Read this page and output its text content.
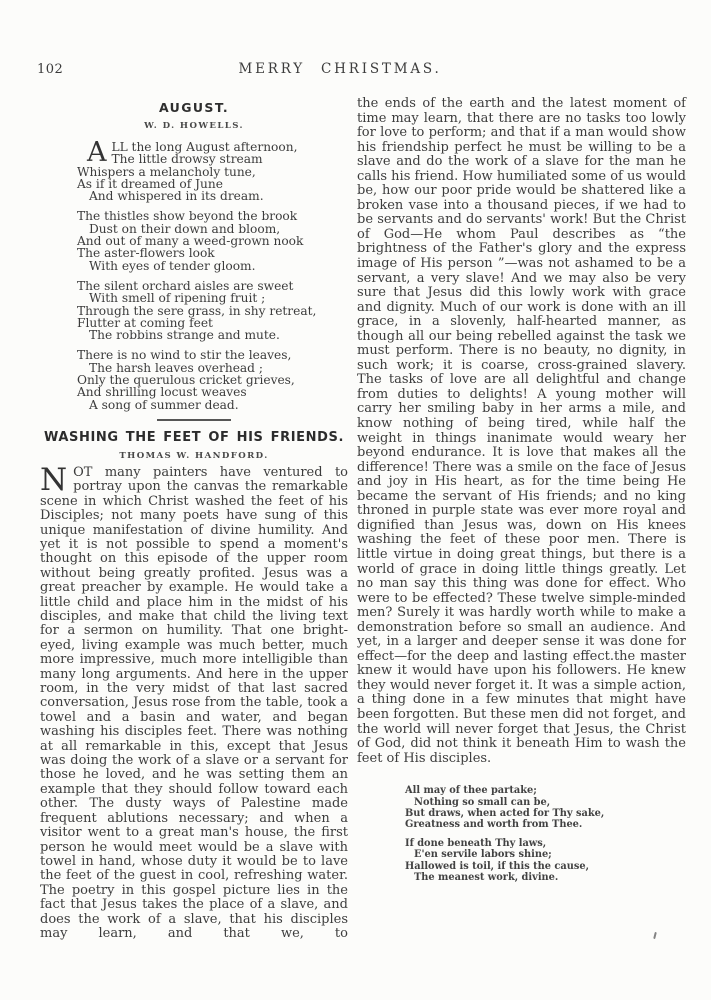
102	MERRY CHRISTMAS.
AUGUST.
W. D. HOWELLS.
A LL the long August afternoon,
The little drowsy stream
Whispers a melancholy tune,
As if it dreamed of June
And whispered in its dream.
The thistles show beyond the brook
Dust on their down and bloom,
And out of many a weed-grown nook
The aster-flowers look
With eyes of tender gloom.
The silent orchard aisles are sweet
With smell of ripening fruit ;
Through the sere grass, in shy retreat,
Flutter at coming feet
The robbins strange and mute.
There is no wind to stir the leaves,
The harsh leaves overhead ;
Only the querulous cricket grieves,
And shrilling locust weaves
A song of summer dead.
WASHING THE FEET OF HIS FRIENDS.
THOMAS W. HANDFORD.

NOT many painters have ventured to portray upon the canvas the remarkable scene in which Christ washed the feet of his Disciples; not many poets have sung of this unique manifestation of divine humility. And yet it is not possible to spend a moment's thought on this episode of the upper room without being greatly profited. Jesus was a great preacher by example. He would take a little child and place him in the midst of his disciples, and make that child the living text for a sermon on humility. That one bright-eyed, living example was much better, much more impressive, much more intelligible than many long arguments. And here in the upper room, in the very midst of that last sacred conversation, Jesus rose from the table, took a towel and a basin and water, and began washing his disciples feet. There was nothing at all remarkable in this, except that Jesus was doing the work of a slave or a servant for those he loved, and he was setting them an example that they should follow toward each other. The dusty ways of Palestine made frequent ablutions necessary; and when a visitor went to a great man's house, the first person he would meet would be a slave with towel in hand, whose duty it would be to lave the feet of the guest in cool, refreshing water. The poetry in this gospel picture lies in the fact that Jesus takes the place of a slave, and does the work of a slave, that his disciples may learn, and that we, to

the ends of the earth and the latest moment of time may learn, that there are no tasks too lowly for love to perform; and that if a man would show his friendship perfect he must be willing to be a slave and do the work of a slave for the man he calls his friend. How humiliated some of us would be, how our poor pride would be shattered like a broken vase into a thousand pieces, if we had to be servants and do servants' work! But the Christ of God—He whom Paul describes as “the brightness of the Father's glory and the express image of His person ”—was not ashamed to be a servant, a very slave! And we may also be very sure that Jesus did this lowly work with grace and dignity. Much of our work is done with an ill grace, in a slovenly, half-hearted manner, as though all our being rebelled against the task we must perform. There is no beauty, no dignity, in such work; it is coarse, cross-grained slavery. The tasks of love are all delightful and change from duties to delights! A young mother will carry her smiling baby in her arms a mile, and know nothing of being tired, while half the weight in things inanimate would weary her beyond endurance. It is love that makes all the difference! There was a smile on the face of Jesus and joy in His heart, as for the time being He became the servant of His friends; and no king throned in purple state was ever more royal and dignified than Jesus was, down on His knees washing the feet of these poor men. There is little virtue in doing great things, but there is a world of grace in doing little things greatly. Let no man say this thing was done for effect. Who were to be effected? These twelve simple-minded men? Surely it was hardly worth while to make a demonstration before so small an audience. And yet, in a larger and deeper sense it was done for effect—for the deep and lasting effect.the master knew it would have upon his followers. He knew they would never forget it. It was a simple action, a thing done in a few minutes that might have been forgotten. But these men did not forget, and the world will never forget that Jesus, the Christ of God, did not think it beneath Him to wash the feet of His disciples.

All may of thee partake;
Nothing so small can be,
But draws, when acted for Thy sake,
Greatness and worth from Thee.
If done beneath Thy laws,
E'en servile labors shine;
Hallowed is toil, if this the cause,
The meanest work, divine.
